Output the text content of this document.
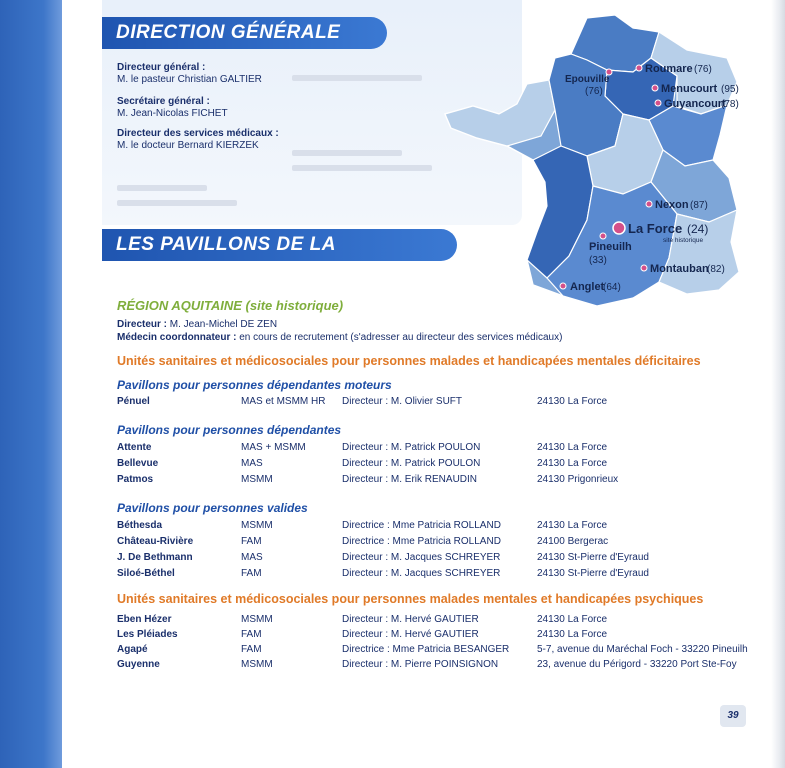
DIRECTION GÉNÉRALE
Directeur général :
M. le pasteur Christian GALTIER
Secrétaire général :
M. Jean-Nicolas FICHET
Directeur des services médicaux :
M. le docteur Bernard KIERZEK
LES PAVILLONS DE LA FONDATION
RÉGION AQUITAINE (site historique)
Directeur : M. Jean-Michel DE ZEN
Médecin coordonnateur : en cours de recrutement (s'adresser au directeur des services médicaux)
Unités sanitaires et médicosociales pour personnes malades et handicapées mentales déficitaires
Pavillons pour personnes dépendantes moteurs
Pénuel	MAS et MSMM HR Directeur : M. Olivier SUFT	24130 La Force
Pavillons pour personnes dépendantes
Attente	MAS + MSMM	Directeur : M. Patrick POULON	24130 La Force
Bellevue	MAS	Directeur : M. Patrick POULON	24130 La Force
Patmos	MSMM	Directeur : M. Erik RENAUDIN	24130 Prigonrieux
Pavillons pour personnes valides
Béthesda	MSMM	Directrice : Mme Patricia ROLLAND	24130 La Force
Château-Rivière	FAM	Directrice : Mme Patricia ROLLAND	24100 Bergerac
J. De Bethmann	MAS	Directeur : M. Jacques SCHREYER	24130 St-Pierre d'Eyraud
Siloé-Béthel	FAM	Directeur : M. Jacques SCHREYER	24130 St-Pierre d'Eyraud
Unités sanitaires et médicosociales pour personnes malades mentales et handicapées psychiques
Eben Hézer	MSMM	Directeur : M. Hervé GAUTIER	24130 La Force
Les Pléiades	FAM	Directeur : M. Hervé GAUTIER	24130 La Force
Agapé	FAM	Directrice : Mme Patricia BESANGER	5-7, avenue du Maréchal Foch - 33220 Pineuilh
Guyenne	MSMM	Directeur : M. Pierre POINSIGNON	23, avenue du Périgord - 33220 Port Ste-Foy
Epouville
(76)
Roumare (76)
Menucourt (95)
Guyancourt
(78)
Nexon (87)
La Force (24)
site historique
Pineuilh
(33)
Montauban
(82)
Anglet
(64)
39
